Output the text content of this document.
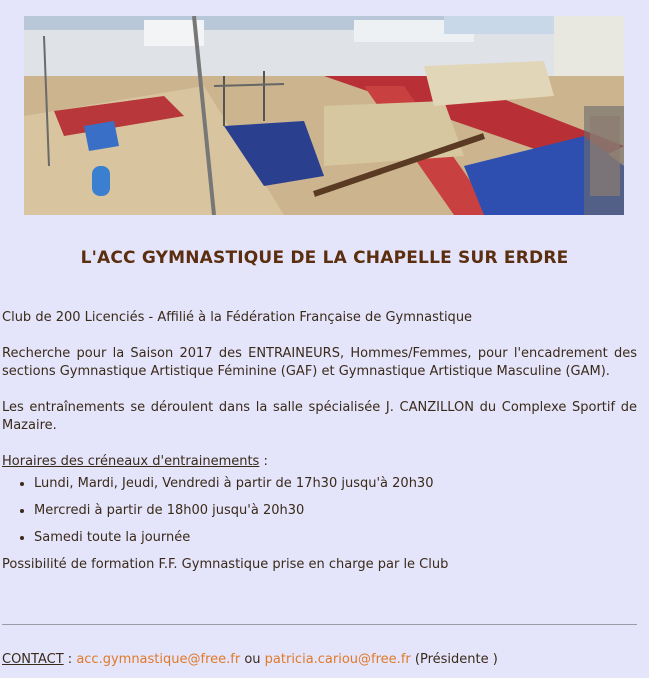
L'ACC GYMNASTIQUE DE LA CHAPELLE SUR ERDRE

Club de 200 Licenciés - Affilié à la Fédération Française de Gymnastique

Recherche pour la Saison 2017 des ENTRAINEURS, Hommes/Femmes, pour l'encadrement des sections Gymnastique Artistique Féminine (GAF) et Gymnastique Artistique Masculine (GAM).

Les entraînements se déroulent dans la salle spécialisée J. CANZILLON du Complexe Sportif de Mazaire.

Horaires des créneaux d'entrainements :

• Lundi, Mardi, Jeudi, Vendredi à partir de 17h30 jusqu'à 20h30
• Mercredi à partir de 18h00 jusqu'à 20h30
• Samedi toute la journée

Possibilité de formation F.F. Gymnastique prise en charge par le Club

CONTACT : acc.gymnastique@free.fr ou patricia.cariou@free.fr (Présidente )
